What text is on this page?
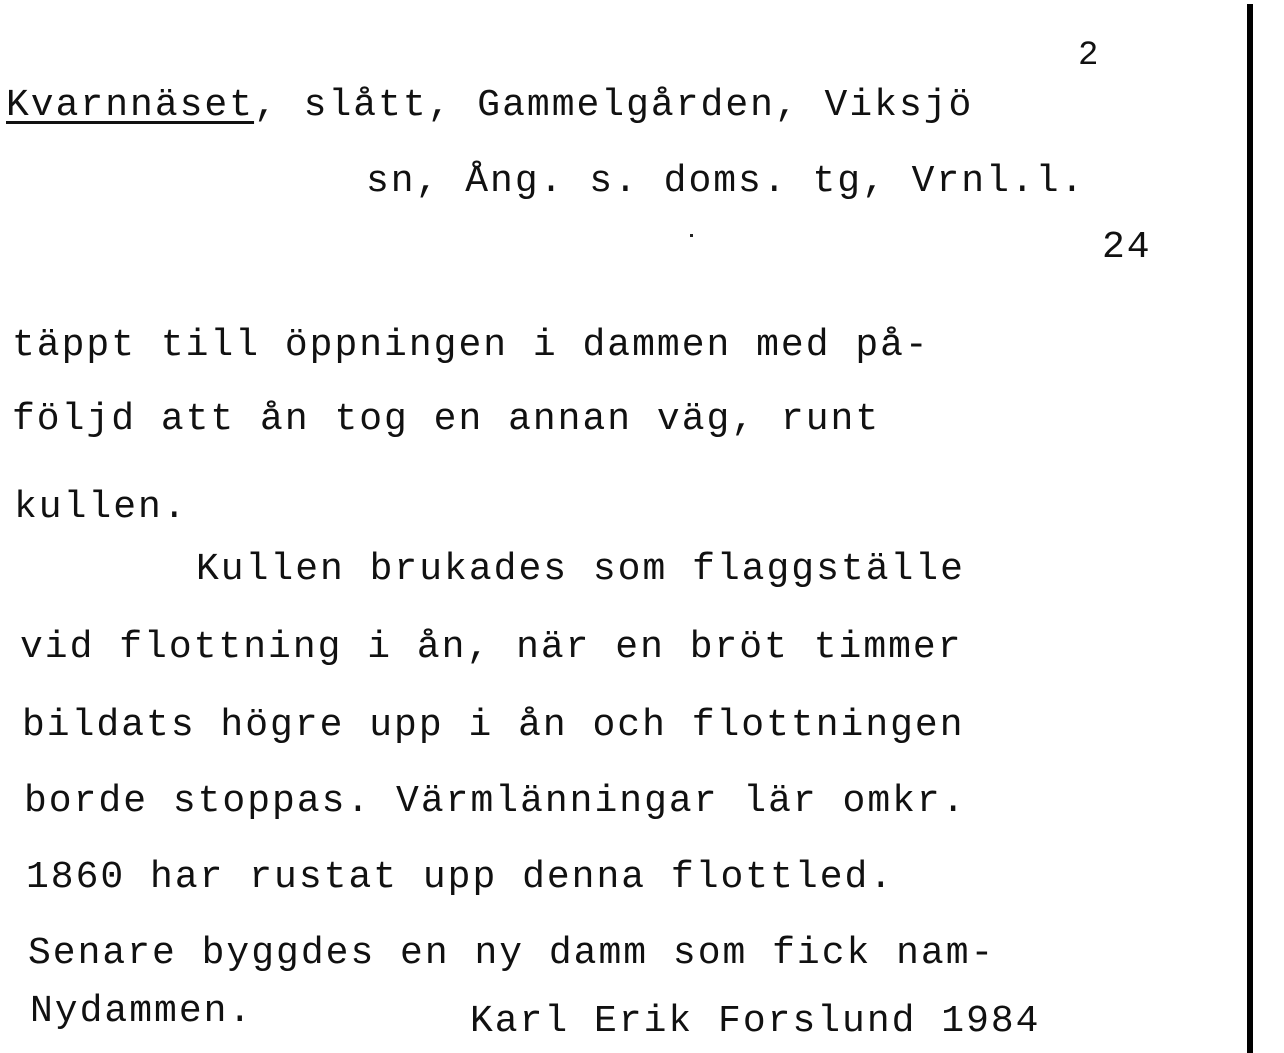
2
Kvarnnäset, slått, Gammelgården, Viksjö
sn, Ång. s. doms. tg, Vrnl.l.
24
täppt till öppningen i dammen med på-
följd att ån tog en annan väg, runt
kullen.
Kullen brukades som flaggställe
vid flottning i ån, när en bröt timmer
bildats högre upp i ån och flottningen
borde stoppas. Värmlänningar lär omkr.
1860 har rustat upp denna flottled.
Senare byggdes en ny damm som fick nam-
Nydammen.	Karl Erik Forslund 1984
